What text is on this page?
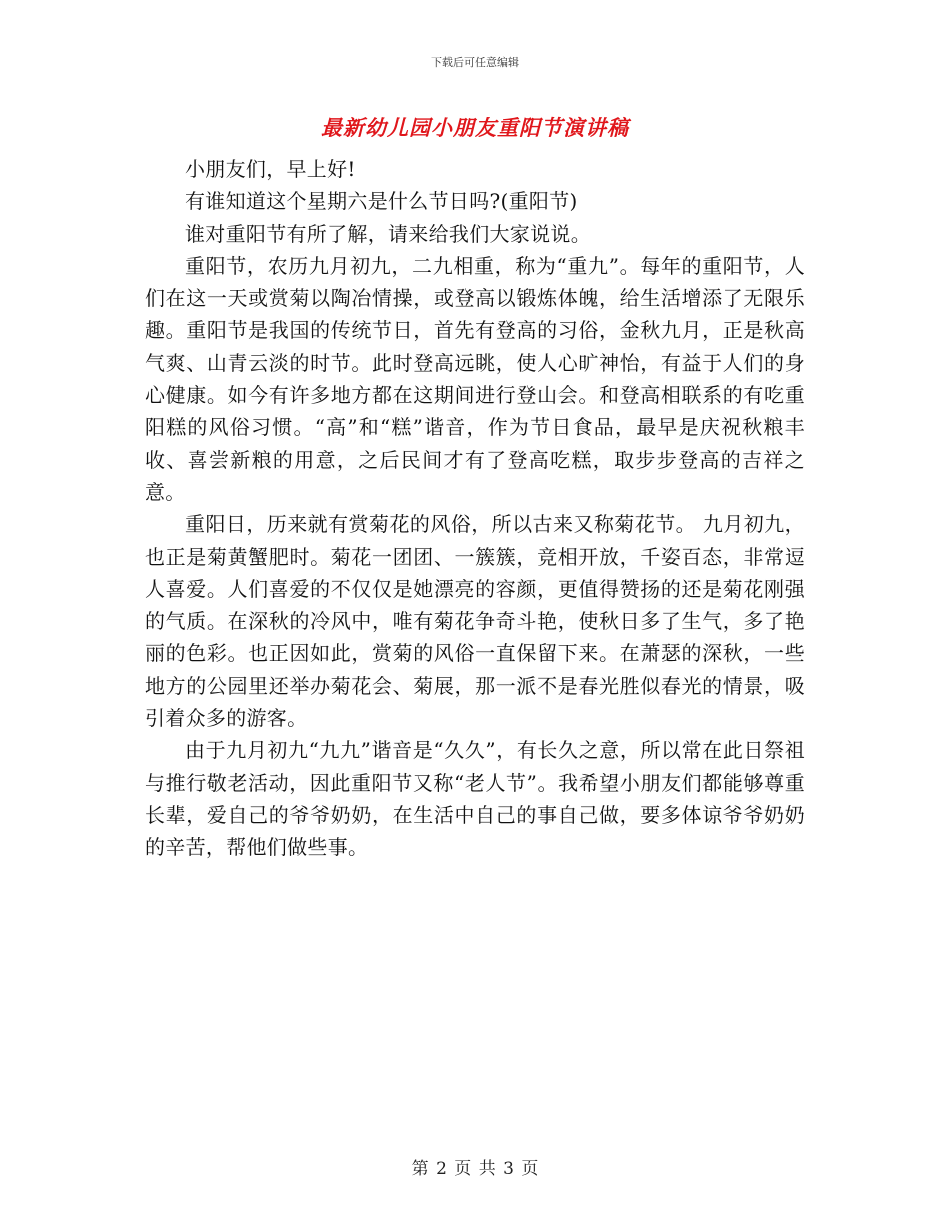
下载后可任意编辑
最新幼儿园小朋友重阳节演讲稿

小朋友们，早上好!

有谁知道这个星期六是什么节日吗?(重阳节)

谁对重阳节有所了解，请来给我们大家说说。

重阳节，农历九月初九，二九相重，称为“重九”。每年的重阳节，人们在这一天或赏菊以陶冶情操，或登高以锻炼体魄，给生活增添了无限乐趣。重阳节是我国的传统节日，首先有登高的习俗，金秋九月，正是秋高气爽、山青云淡的时节。此时登高远眺，使人心旷神怡，有益于人们的身心健康。如今有许多地方都在这期间进行登山会。和登高相联系的有吃重阳糕的风俗习惯。“高”和“糕”谐音，作为节日食品，最早是庆祝秋粮丰收、喜尝新粮的用意，之后民间才有了登高吃糕，取步步登高的吉祥之意。

重阳日，历来就有赏菊花的风俗，所以古来又称菊花节。 九月初九，也正是菊黄蟹肥时。菊花一团团、一簇簇，竞相开放，千姿百态，非常逗人喜爱。人们喜爱的不仅仅是她漂亮的容颜，更值得赞扬的还是菊花刚强的气质。在深秋的冷风中，唯有菊花争奇斗艳，使秋日多了生气，多了艳丽的色彩。也正因如此，赏菊的风俗一直保留下来。在萧瑟的深秋，一些地方的公园里还举办菊花会、菊展，那一派不是春光胜似春光的情景，吸引着众多的游客。

由于九月初九“九九”谐音是“久久”，有长久之意，所以常在此日祭祖与推行敬老活动，因此重阳节又称“老人节”。我希望小朋友们都能够尊重长辈，爱自己的爷爷奶奶，在生活中自己的事自己做，要多体谅爷爷奶奶的辛苦，帮他们做些事。

第 2 页 共 3 页
